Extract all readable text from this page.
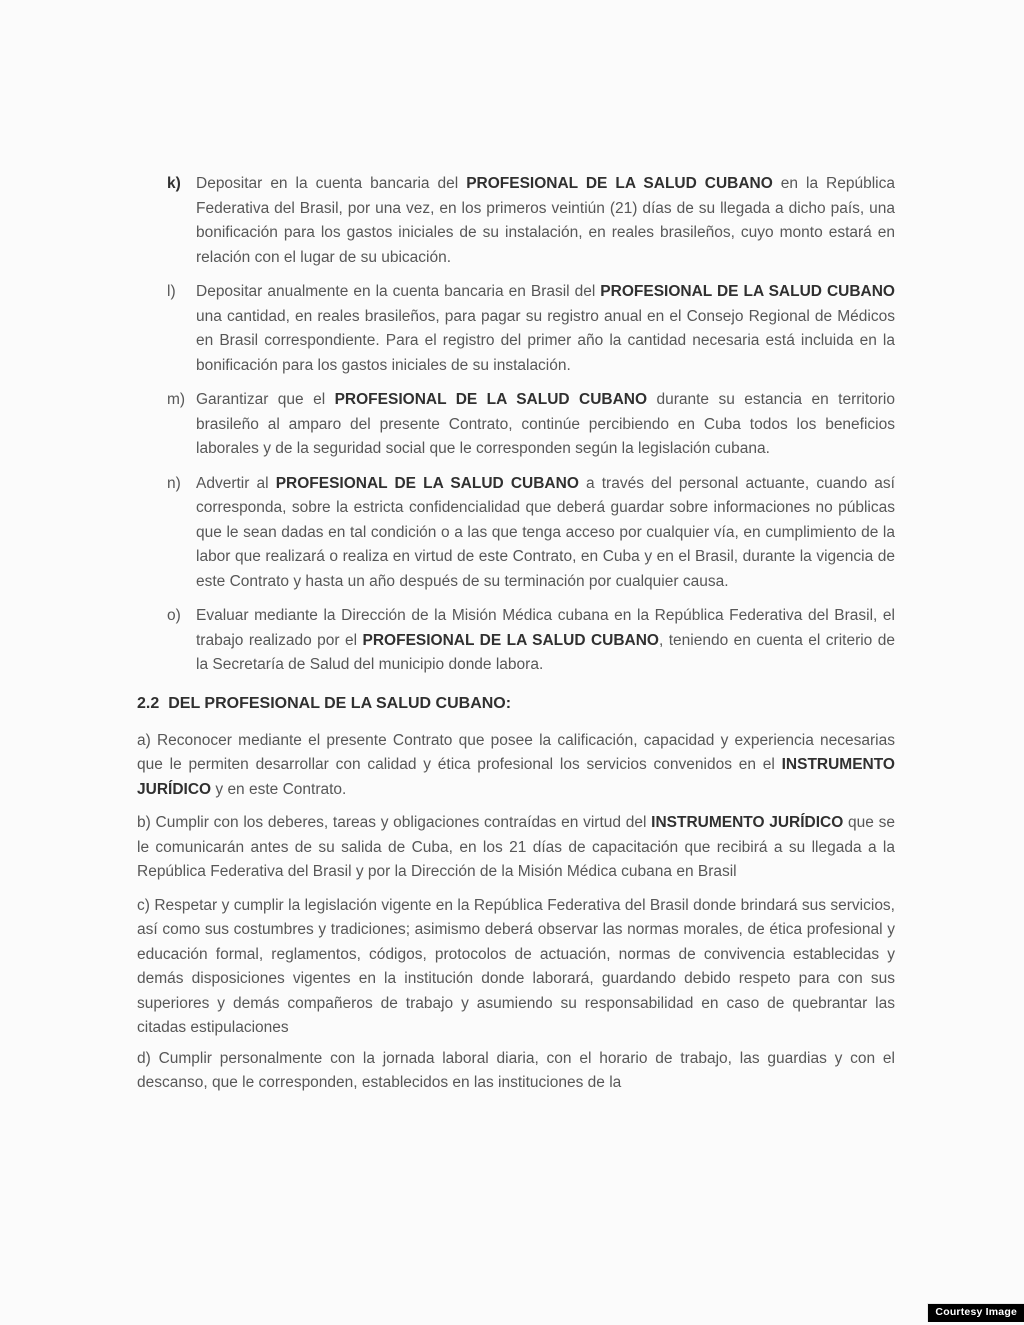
k) Depositar en la cuenta bancaria del PROFESIONAL DE LA SALUD CUBANO en la República Federativa del Brasil, por una vez, en los primeros veintiún (21) días de su llegada a dicho país, una bonificación para los gastos iniciales de su instalación, en reales brasileños, cuyo monto estará en relación con el lugar de su ubicación.

l)	Depositar anualmente en la cuenta bancaria en Brasil del PROFESIONAL DE LA SALUD CUBANO una cantidad, en reales brasileños, para pagar su registro anual en el Consejo Regional de Médicos en Brasil correspondiente. Para el registro del primer año la cantidad necesaria está incluida en la bonificación para los gastos iniciales de su instalación.

m) Garantizar que el PROFESIONAL DE LA SALUD CUBANO durante su estancia en territorio brasileño al amparo del presente Contrato, continúe percibiendo en Cuba todos los beneficios laborales y de la seguridad social que le corresponden según la legislación cubana.

n) Advertir al PROFESIONAL DE LA SALUD CUBANO a través del personal actuante, cuando así corresponda, sobre la estricta confidencialidad que deberá guardar sobre informaciones no públicas que le sean dadas en tal condición o a las que tenga acceso por cualquier vía, en cumplimiento de la labor que realizará o realiza en virtud de este Contrato, en Cuba y en el Brasil, durante la vigencia de este Contrato y hasta un año después de su terminación por cualquier causa.

o) Evaluar mediante la Dirección de la Misión Médica cubana en la República Federativa del Brasil, el trabajo realizado por el PROFESIONAL DE LA SALUD CUBANO, teniendo en cuenta el criterio de la Secretaría de Salud del municipio donde labora.

2.2 DEL PROFESIONAL DE LA SALUD CUBANO:

a) Reconocer mediante el presente Contrato que posee la calificación, capacidad y experiencia necesarias que le permiten desarrollar con calidad y ética profesional los servicios convenidos en el INSTRUMENTO JURÍDICO y en este Contrato.

b) Cumplir con los deberes, tareas y obligaciones contraídas en virtud del INSTRUMENTO JURÍDICO que se le comunicarán antes de su salida de Cuba, en los 21 días de capacitación que recibirá a su llegada a la República Federativa del Brasil y por la Dirección de la Misión Médica cubana en Brasil

c) Respetar y cumplir la legislación vigente en la República Federativa del Brasil donde brindará sus servicios, así como sus costumbres y tradiciones; asimismo deberá observar las normas morales, de ética profesional y educación formal, reglamentos, códigos, protocolos de actuación, normas de convivencia establecidas y demás disposiciones vigentes en la institución donde laborará, guardando debido respeto para con sus superiores y demás compañeros de trabajo y asumiendo su responsabilidad en caso de quebrantar las citadas estipulaciones

d) Cumplir personalmente con la jornada laboral diaria, con el horario de trabajo, las guardias y con el descanso, que le corresponden, establecidos en las instituciones de la

Courtesy Image
